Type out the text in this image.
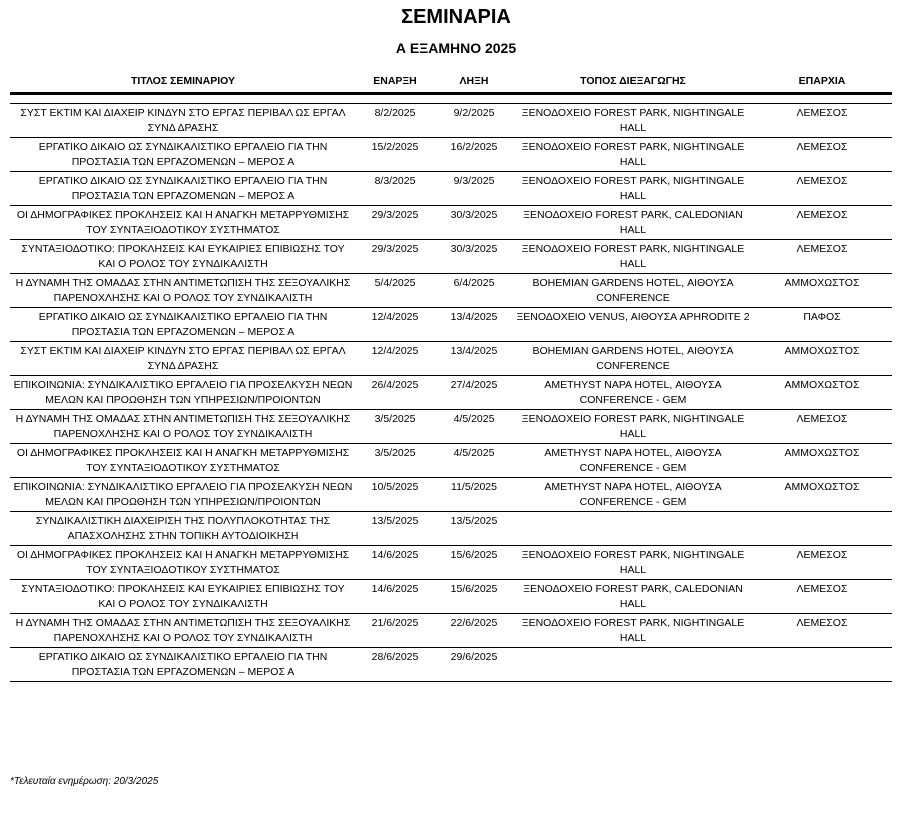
ΣΕΜΙΝΑΡΙΑ
Α ΕΞΑΜΗΝΟ 2025
ΤΙΤΛΟΣ ΣΕΜΙΝΑΡΙΟΥ	ΕΝΑΡΞΗ	ΛΗΞΗ	ΤΟΠΟΣ ΔΙΕΞΑΓΩΓΗΣ	ΕΠΑΡΧΙΑ

ΣΥΣΤ ΕΚΤΙΜ ΚΑΙ ΔΙΑΧΕΙΡ ΚΙΝΔΥΝ ΣΤΟ ΕΡΓΑΣ ΠΕΡΙΒΑΛ ΩΣ ΕΡΓΑΛ ΣΥΝΔ ΔΡΑΣΗΣ	8/2/2025	9/2/2025	ΞΕΝΟΔΟΧΕΙΟ FOREST PARK, NIGHTINGALE HALL	ΛΕΜΕΣΟΣ
ΕΡΓΑΤΙΚΟ ΔΙΚΑΙΟ ΩΣ ΣΥΝΔΙΚΑΛΙΣΤΙΚΟ ΕΡΓΑΛΕΙΟ ΓΙΑ ΤΗΝ ΠΡΟΣΤΑΣΙΑ ΤΩΝ ΕΡΓΑΖΟΜΕΝΩΝ – ΜΕΡΟΣ Α	15/2/2025	16/2/2025	ΞΕΝΟΔΟΧΕΙΟ FOREST PARK, NIGHTINGALE HALL	ΛΕΜΕΣΟΣ
ΕΡΓΑΤΙΚΟ ΔΙΚΑΙΟ ΩΣ ΣΥΝΔΙΚΑΛΙΣΤΙΚΟ ΕΡΓΑΛΕΙΟ ΓΙΑ ΤΗΝ ΠΡΟΣΤΑΣΙΑ ΤΩΝ ΕΡΓΑΖΟΜΕΝΩΝ – ΜΕΡΟΣ Α	8/3/2025	9/3/2025	ΞΕΝΟΔΟΧΕΙΟ FOREST PARK, NIGHTINGALE HALL	ΛΕΜΕΣΟΣ
ΟΙ ΔΗΜΟΓΡΑΦΙΚΕΣ ΠΡΟΚΛΗΣΕΙΣ ΚΑΙ Η ΑΝΑΓΚΗ ΜΕΤΑΡΡΥΘΜΙΣΗΣ ΤΟΥ ΣΥΝΤΑΞΙΟΔΟΤΙΚΟΥ ΣΥΣΤΗΜΑΤΟΣ	29/3/2025	30/3/2025	ΞΕΝΟΔΟΧΕΙΟ FOREST PARK, CALEDONIAN HALL	ΛΕΜΕΣΟΣ
ΣΥΝΤΑΞΙΟΔΟΤΙΚΟ: ΠΡΟΚΛΗΣΕΙΣ ΚΑΙ ΕΥΚΑΙΡΙΕΣ ΕΠΙΒΙΩΣΗΣ ΤΟΥ ΚΑΙ Ο ΡΟΛΟΣ ΤΟΥ ΣΥΝΔΙΚΑΛΙΣΤΗ	29/3/2025	30/3/2025	ΞΕΝΟΔΟΧΕΙΟ FOREST PARK, NIGHTINGALE HALL	ΛΕΜΕΣΟΣ
Η ΔΥΝΑΜΗ ΤΗΣ ΟΜΑΔΑΣ ΣΤΗΝ ΑΝΤΙΜΕΤΩΠΙΣΗ ΤΗΣ ΣΕΞΟΥΑΛΙΚΗΣ ΠΑΡΕΝΟΧΛΗΣΗΣ ΚΑΙ Ο ΡΟΛΟΣ ΤΟΥ ΣΥΝΔΙΚΑΛΙΣΤΗ	5/4/2025	6/4/2025	BOHEMIAN GARDENS HOTEL, ΑΙΘΟΥΣΑ CONFERENCE	ΑΜΜΟΧΩΣΤΟΣ
ΕΡΓΑΤΙΚΟ ΔΙΚΑΙΟ ΩΣ ΣΥΝΔΙΚΑΛΙΣΤΙΚΟ ΕΡΓΑΛΕΙΟ ΓΙΑ ΤΗΝ ΠΡΟΣΤΑΣΙΑ ΤΩΝ ΕΡΓΑΖΟΜΕΝΩΝ – ΜΕΡΟΣ Α	12/4/2025	13/4/2025	ΞΕΝΟΔΟΧΕΙΟ VENUS, ΑΙΘΟΥΣΑ APHRODITE 2	ΠΑΦΟΣ
ΣΥΣΤ ΕΚΤΙΜ ΚΑΙ ΔΙΑΧΕΙΡ ΚΙΝΔΥΝ ΣΤΟ ΕΡΓΑΣ ΠΕΡΙΒΑΛ ΩΣ ΕΡΓΑΛ ΣΥΝΔ ΔΡΑΣΗΣ	12/4/2025	13/4/2025	BOHEMIAN GARDENS HOTEL, ΑΙΘΟΥΣΑ CONFERENCE	ΑΜΜΟΧΩΣΤΟΣ
ΕΠΙΚΟΙΝΩΝΙΑ: ΣΥΝΔΙΚΑΛΙΣΤΙΚΟ ΕΡΓΑΛΕΙΟ ΓΙΑ ΠΡΟΣΕΛΚΥΣΗ ΝΕΩΝ ΜΕΛΩΝ ΚΑΙ ΠΡΟΩΘΗΣΗ ΤΩΝ ΥΠΗΡΕΣΙΩΝ/ΠΡΟΙΟΝΤΩΝ	26/4/2025	27/4/2025	AMETHYST NAPA HOTEL, ΑΙΘΟΥΣΑ CONFERENCE - GEM	ΑΜΜΟΧΩΣΤΟΣ
Η ΔΥΝΑΜΗ ΤΗΣ ΟΜΑΔΑΣ ΣΤΗΝ ΑΝΤΙΜΕΤΩΠΙΣΗ ΤΗΣ ΣΕΞΟΥΑΛΙΚΗΣ ΠΑΡΕΝΟΧΛΗΣΗΣ ΚΑΙ Ο ΡΟΛΟΣ ΤΟΥ ΣΥΝΔΙΚΑΛΙΣΤΗ	3/5/2025	4/5/2025	ΞΕΝΟΔΟΧΕΙΟ FOREST PARK, NIGHTINGALE HALL	ΛΕΜΕΣΟΣ
ΟΙ ΔΗΜΟΓΡΑΦΙΚΕΣ ΠΡΟΚΛΗΣΕΙΣ ΚΑΙ Η ΑΝΑΓΚΗ ΜΕΤΑΡΡΥΘΜΙΣΗΣ ΤΟΥ ΣΥΝΤΑΞΙΟΔΟΤΙΚΟΥ ΣΥΣΤΗΜΑΤΟΣ	3/5/2025	4/5/2025	AMETHYST NAPA HOTEL, ΑΙΘΟΥΣΑ CONFERENCE - GEM	ΑΜΜΟΧΩΣΤΟΣ
ΕΠΙΚΟΙΝΩΝΙΑ: ΣΥΝΔΙΚΑΛΙΣΤΙΚΟ ΕΡΓΑΛΕΙΟ ΓΙΑ ΠΡΟΣΕΛΚΥΣΗ ΝΕΩΝ ΜΕΛΩΝ ΚΑΙ ΠΡΟΩΘΗΣΗ ΤΩΝ ΥΠΗΡΕΣΙΩΝ/ΠΡΟΙΟΝΤΩΝ	10/5/2025	11/5/2025	AMETHYST NAPA HOTEL, ΑΙΘΟΥΣΑ CONFERENCE - GEM	ΑΜΜΟΧΩΣΤΟΣ
ΣΥΝΔΙΚΑΛΙΣΤΙΚΗ ΔΙΑΧΕΙΡΙΣΗ ΤΗΣ ΠΟΛΥΠΛΟΚΟΤΗΤΑΣ ΤΗΣ ΑΠΑΣΧΟΛΗΣΗΣ ΣΤΗΝ ΤΟΠΙΚΗ ΑΥΤΟΔΙΟΙΚΗΣΗ	13/5/2025	13/5/2025		
ΟΙ ΔΗΜΟΓΡΑΦΙΚΕΣ ΠΡΟΚΛΗΣΕΙΣ ΚΑΙ Η ΑΝΑΓΚΗ ΜΕΤΑΡΡΥΘΜΙΣΗΣ ΤΟΥ ΣΥΝΤΑΞΙΟΔΟΤΙΚΟΥ ΣΥΣΤΗΜΑΤΟΣ	14/6/2025	15/6/2025	ΞΕΝΟΔΟΧΕΙΟ FOREST PARK, NIGHTINGALE HALL	ΛΕΜΕΣΟΣ
ΣΥΝΤΑΞΙΟΔΟΤΙΚΟ: ΠΡΟΚΛΗΣΕΙΣ ΚΑΙ ΕΥΚΑΙΡΙΕΣ ΕΠΙΒΙΩΣΗΣ ΤΟΥ ΚΑΙ Ο ΡΟΛΟΣ ΤΟΥ ΣΥΝΔΙΚΑΛΙΣΤΗ	14/6/2025	15/6/2025	ΞΕΝΟΔΟΧΕΙΟ FOREST PARK, CALEDONIAN HALL	ΛΕΜΕΣΟΣ
Η ΔΥΝΑΜΗ ΤΗΣ ΟΜΑΔΑΣ ΣΤΗΝ ΑΝΤΙΜΕΤΩΠΙΣΗ ΤΗΣ ΣΕΞΟΥΑΛΙΚΗΣ ΠΑΡΕΝΟΧΛΗΣΗΣ ΚΑΙ Ο ΡΟΛΟΣ ΤΟΥ ΣΥΝΔΙΚΑΛΙΣΤΗ	21/6/2025	22/6/2025	ΞΕΝΟΔΟΧΕΙΟ FOREST PARK, NIGHTINGALE HALL	ΛΕΜΕΣΟΣ
ΕΡΓΑΤΙΚΟ ΔΙΚΑΙΟ ΩΣ ΣΥΝΔΙΚΑΛΙΣΤΙΚΟ ΕΡΓΑΛΕΙΟ ΓΙΑ ΤΗΝ ΠΡΟΣΤΑΣΙΑ ΤΩΝ ΕΡΓΑΖΟΜΕΝΩΝ – ΜΕΡΟΣ Α	28/6/2025	29/6/2025		
*Τελευταία ενημέρωση: 20/3/2025
